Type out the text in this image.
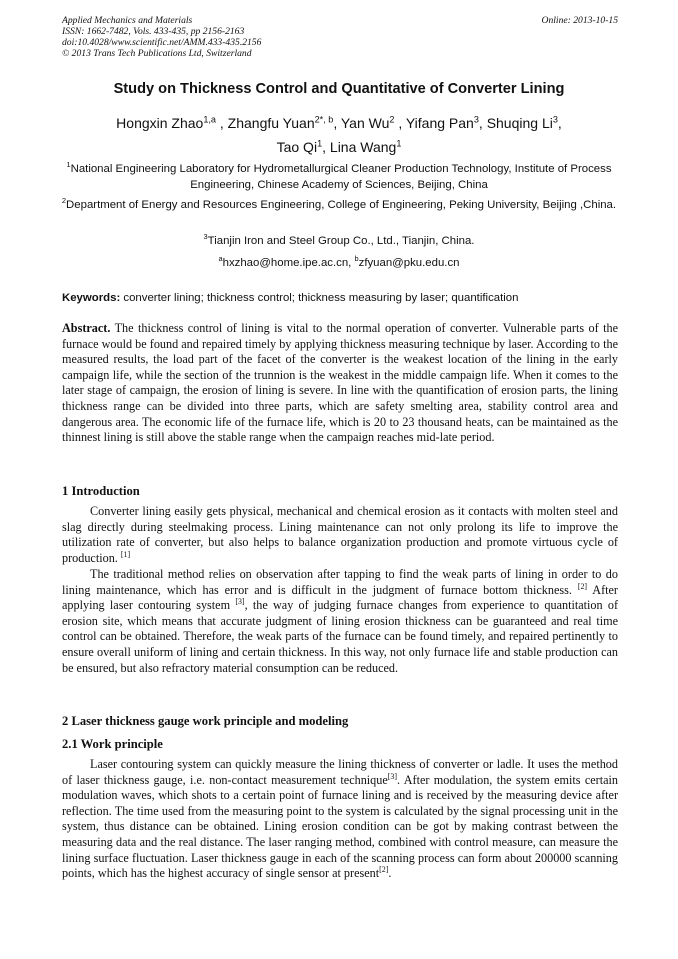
Applied Mechanics and Materials
ISSN: 1662-7482, Vols. 433-435, pp 2156-2163
doi:10.4028/www.scientific.net/AMM.433-435.2156
© 2013 Trans Tech Publications Ltd, Switzerland
Online: 2013-10-15
Study on Thickness Control and Quantitative of Converter Lining
Hongxin Zhao$^{1,a}$ , Zhangfu Yuan$^{2*, b}$, Yan Wu$^2$ , Yifang Pan$^3$, Shuqing Li$^3$,
Tao Qi$^1$, Lina Wang$^1$
$^1$National Engineering Laboratory for Hydrometallurgical Cleaner Production Technology, Institute of Process Engineering, Chinese Academy of Sciences, Beijing, China
$^2$Department of Energy and Resources Engineering, College of Engineering, Peking University, Beijing ,China.
$^3$Tianjin Iron and Steel Group Co., Ltd., Tianjin, China.
$^a$hxzhao@home.ipe.ac.cn, $^b$zfyuan@pku.edu.cn
Keywords: converter lining; thickness control; thickness measuring by laser; quantification
Abstract. The thickness control of lining is vital to the normal operation of converter. Vulnerable parts of the furnace would be found and repaired timely by applying thickness measuring technique by laser. According to the measured results, the load part of the facet of the converter is the weakest location of the lining in the early campaign life, while the section of the trunnion is the weakest in the middle campaign life. When it comes to the later stage of campaign, the erosion of lining is severe. In line with the quantification of erosion parts, the lining thickness range can be divided into three parts, which are safety smelting area, stability control area and dangerous area. The economic life of the furnace life, which is 20 to 23 thousand heats, can be maintained as the thinnest lining is still above the stable range when the campaign reaches mid-late period.
1 Introduction
Converter lining easily gets physical, mechanical and chemical erosion as it contacts with molten steel and slag directly during steelmaking process. Lining maintenance can not only prolong its life to improve the utilization rate of converter, but also helps to balance organization production and promote virtuous cycle of production. [1]
The traditional method relies on observation after tapping to find the weak parts of lining in order to do lining maintenance, which has error and is difficult in the judgment of furnace bottom thickness. [2] After applying laser contouring system [3], the way of judging furnace changes from experience to quantitation of erosion site, which means that accurate judgment of lining erosion thickness can be guaranteed and real time control can be obtained. Therefore, the weak parts of the furnace can be found timely, and repaired pertinently to ensure overall uniform of lining and certain thickness. In this way, not only furnace life and stable production can be ensured, but also refractory material consumption can be reduced.
2 Laser thickness gauge work principle and modeling
2.1 Work principle
Laser contouring system can quickly measure the lining thickness of converter or ladle. It uses the method of laser thickness gauge, i.e. non-contact measurement technique[3]. After modulation, the system emits certain modulation waves, which shots to a certain point of furnace lining and is received by the measuring device after reflection. The time used from the measuring point to the system is calculated by the signal processing unit in the system, thus distance can be obtained. Lining erosion condition can be got by making contrast between the measuring data and the real distance. The laser ranging method, combined with control measure, can measure the lining surface fluctuation. Laser thickness gauge in each of the scanning process can form about 200000 scanning points, which has the highest accuracy of single sensor at present[2].
